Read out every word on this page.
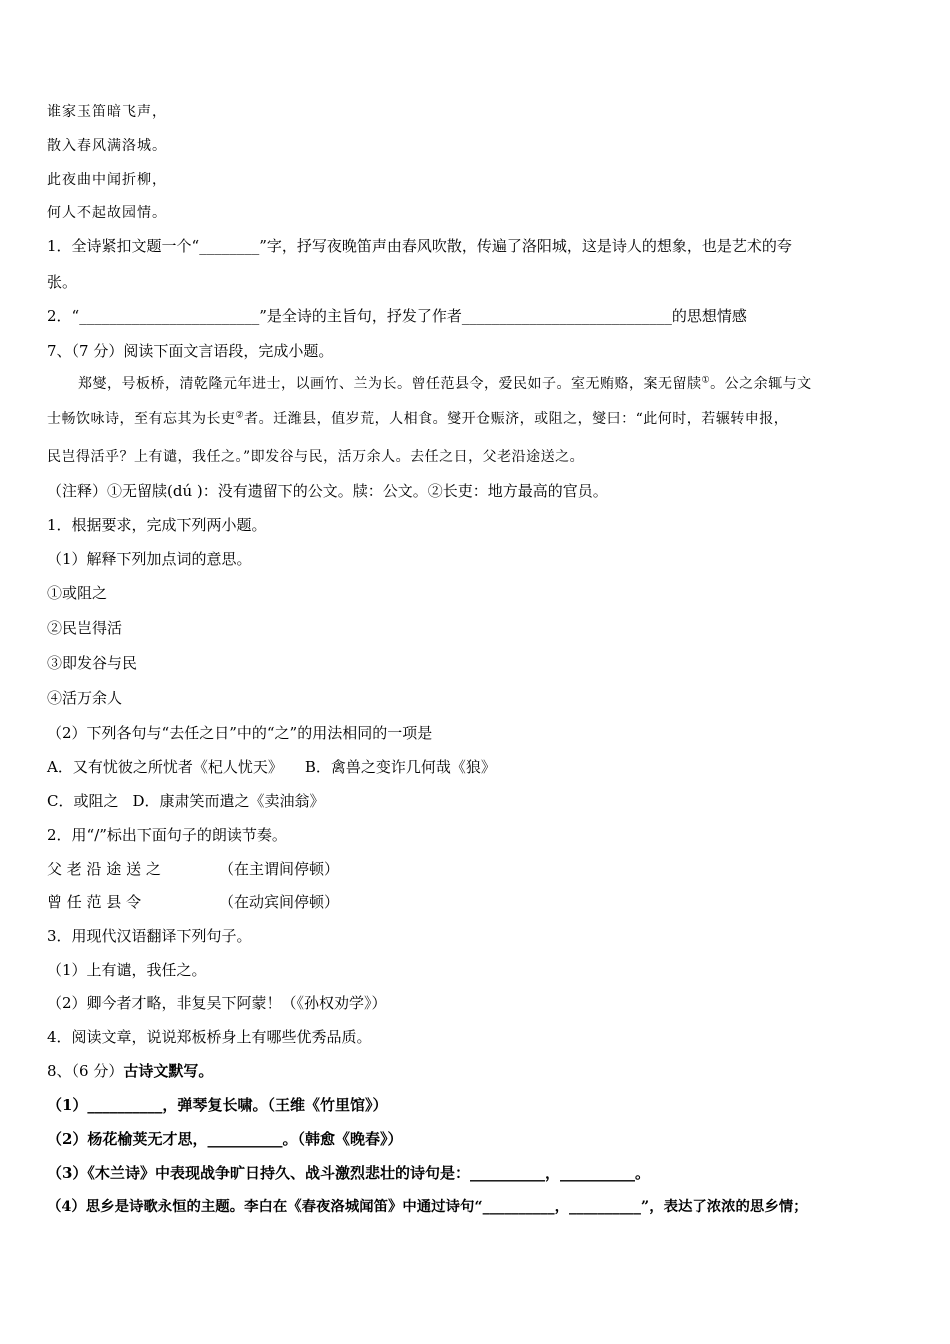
谁家玉笛暗飞声，
散入春风满洛城。
此夜曲中闻折柳，
何人不起故园情。
1．全诗紧扣文题一个“________”字，抒写夜晚笛声由春风吹散，传遍了洛阳城，这是诗人的想象，也是艺术的夸
张。
2．“________________________”是全诗的主旨句，抒发了作者____________________________的思想情感
7、（7 分）阅读下面文言语段，完成小题。
郑燮，号板桥，清乾隆元年进士，以画竹、兰为长。曾任范县令，爱民如子。室无贿赂，案无留牍①。公之余辄与文
士畅饮咏诗，至有忘其为长吏②者。迁潍县，值岁荒，人相食。燮开仓赈济，或阻之，燮曰：“此何时，若辗转申报，
民岂得活乎？上有谴，我任之。”即发谷与民，活万余人。去任之日，父老沿途送之。
（注释）①无留牍(dú )：没有遗留下的公文。牍：公文。②长吏：地方最高的官员。
1．根据要求，完成下列两小题。
（1）解释下列加点词的意思。
①或阻之
②民岂得活
③即发谷与民
④活万余人
（2）下列各句与“去任之日”中的“之”的用法相同的一项是
A．又有忧彼之所忧者《杞人忧天》 B．禽兽之变诈几何哉《狼》
C．或阻之 D．康肃笑而遣之《卖油翁》
2．用“/”标出下面句子的朗读节奏。
父 老 沿 途 送 之	（在主谓间停顿）
曾 任 范 县 令	（在动宾间停顿）
3．用现代汉语翻译下列句子。
（1）上有谴，我任之。
（2）卿今者才略，非复吴下阿蒙！（《孙权劝学》）
4．阅读文章，说说郑板桥身上有哪些优秀品质。
8、（6 分）古诗文默写。
（1）__________，弹琴复长啸。（王维《竹里馆》）
（2）杨花榆荚无才思，__________。（韩愈《晚春》）
（3）《木兰诗》中表现战争旷日持久、战斗激烈悲壮的诗句是：__________，__________。
（4）思乡是诗歌永恒的主题。李白在《春夜洛城闻笛》中通过诗句“__________，__________”，表达了浓浓的思乡情；
